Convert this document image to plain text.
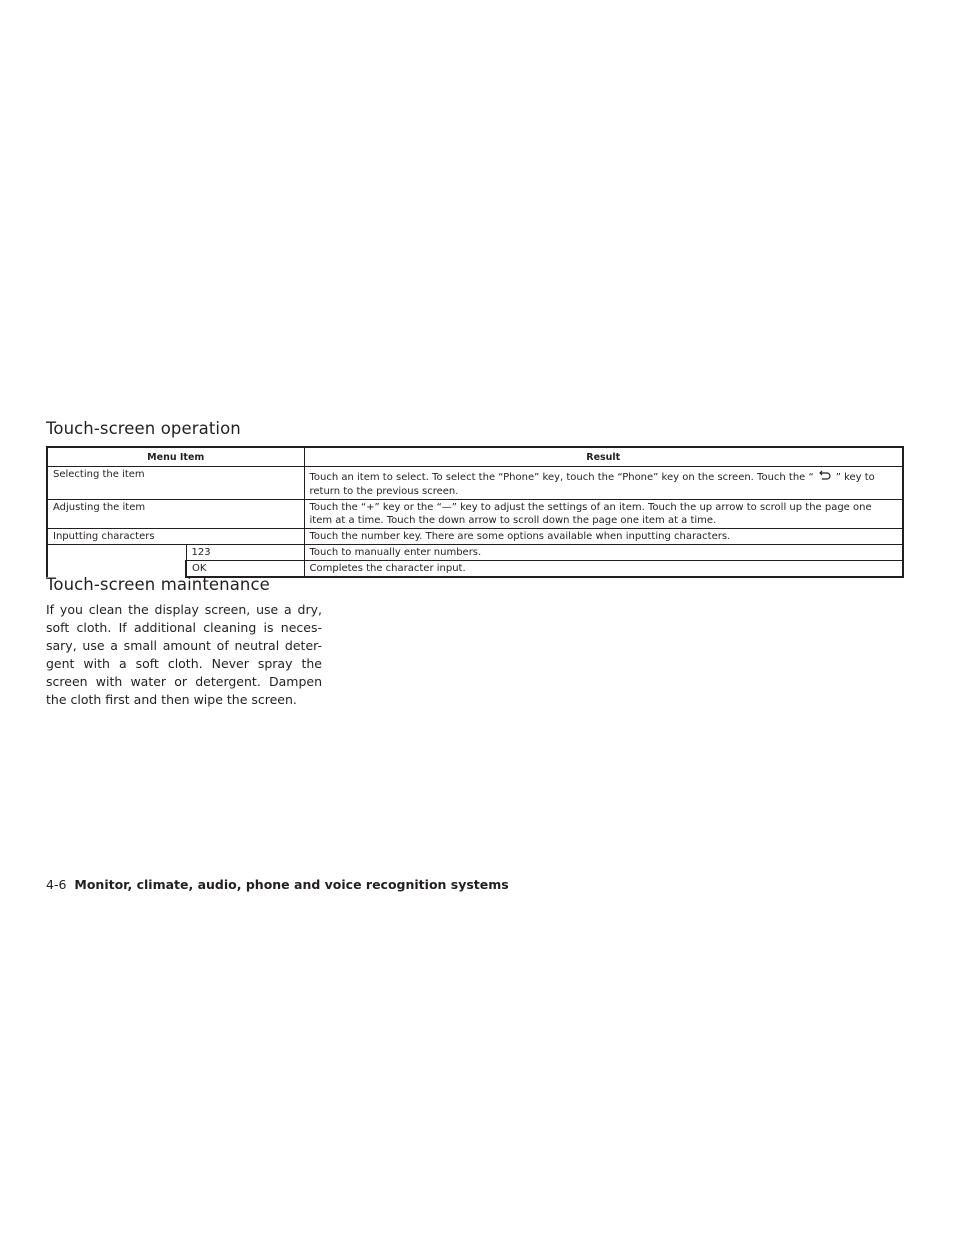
Touch-screen operation
Menu Item		Result
Selecting the item		Touch an item to select. To select the “Phone” key, touch the “Phone” key on the screen. Touch the “ ” key to return to the previous screen.
Adjusting the item		Touch the “+” key or the “—” key to adjust the settings of an item. Touch the up arrow to scroll up the page one item at a time. Touch the down arrow to scroll down the page one item at a time.
Inputting characters		Touch the number key. There are some options available when inputting characters.
	123	Touch to manually enter numbers.
	OK	Completes the character input.
Touch-screen maintenance

If you clean the display screen, use a dry, soft cloth. If additional cleaning is neces-sary, use a small amount of neutral deter-gent with a soft cloth. Never spray the screen with water or detergent. Dampen the cloth first and then wipe the screen.

4-6 Monitor, climate, audio, phone and voice recognition systems
